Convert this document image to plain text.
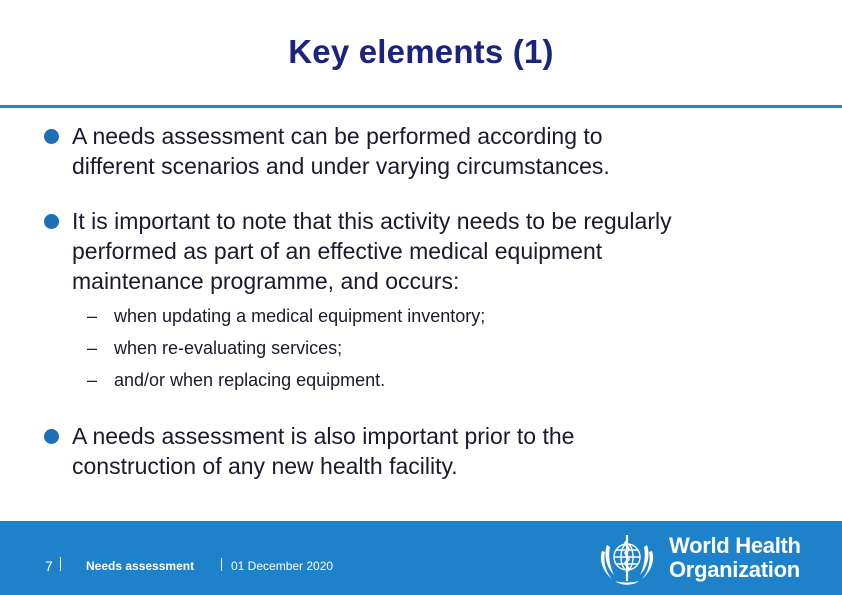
Key elements (1)
A needs assessment can be performed according to
different scenarios and under varying circumstances.
It is important to note that this activity needs to be regularly
performed as part of an effective medical equipment
maintenance programme, and occurs:
– when updating a medical equipment inventory;
– when re-evaluating services;
– and/or when replacing equipment.
A needs assessment is also important prior to the
construction of any new health facility.
7	Needs assessment	01 December 2020
World Health
Organization
